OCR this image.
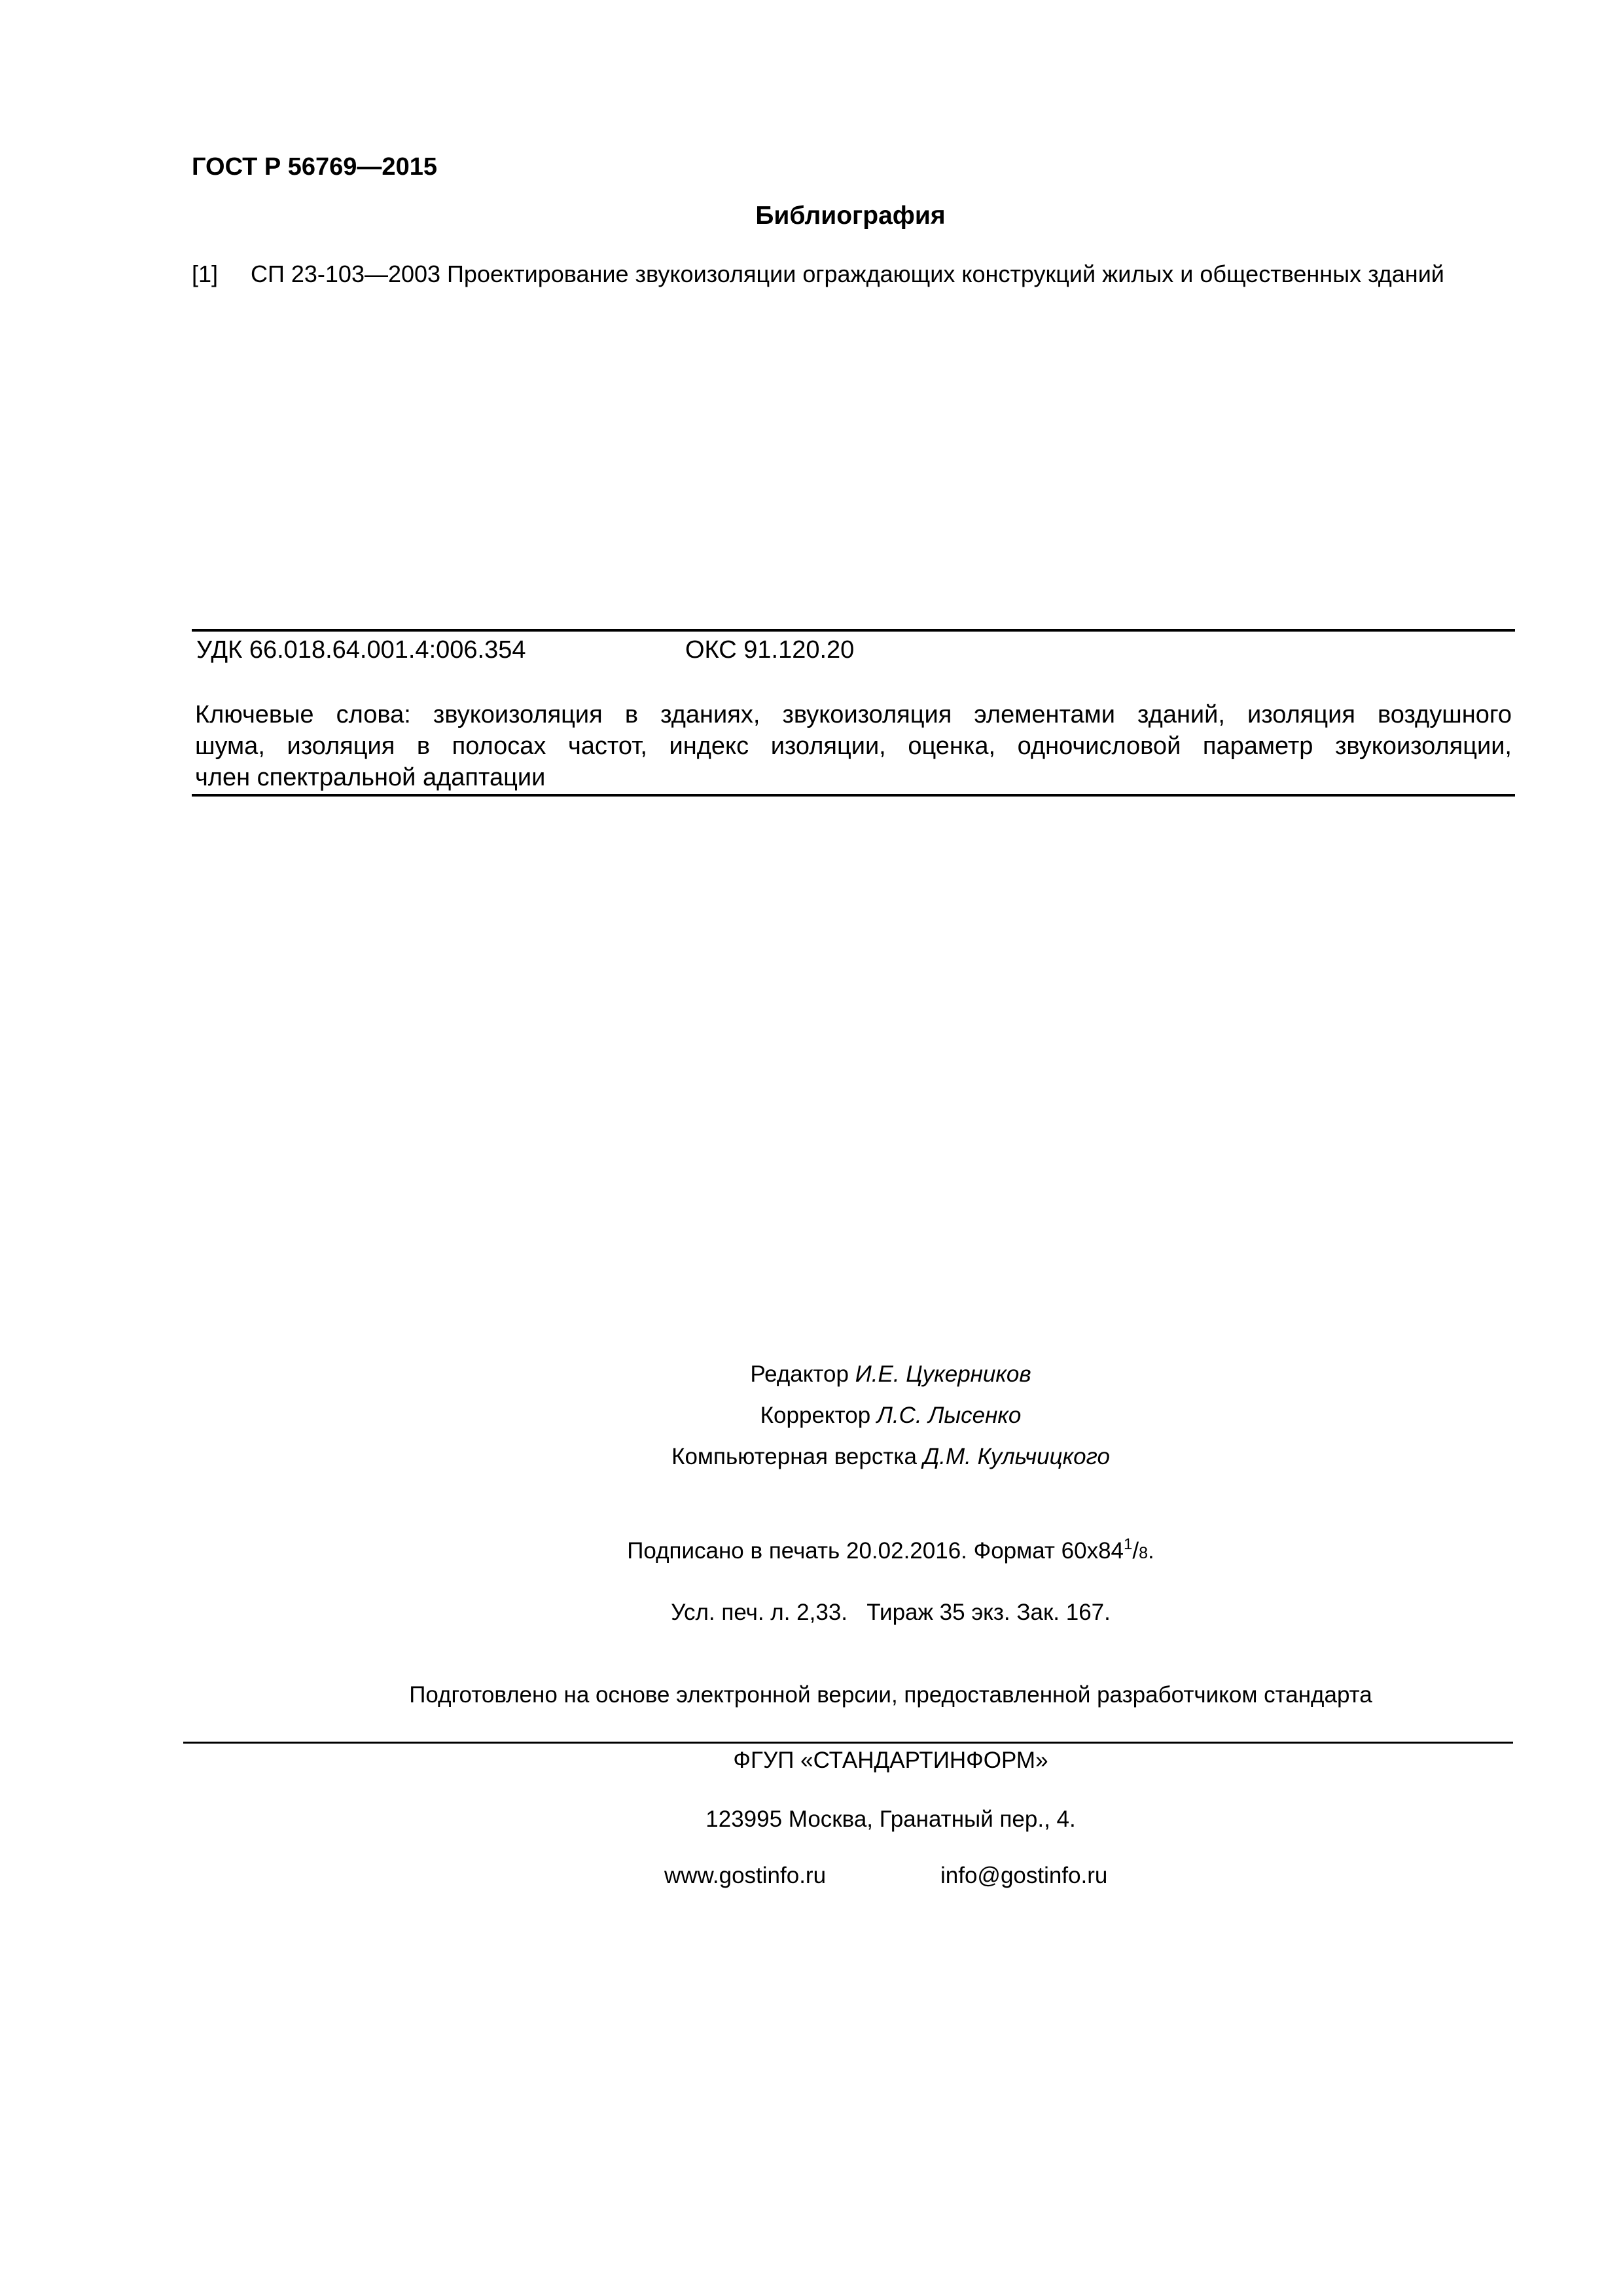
ГОСТ Р 56769—2015
Библиография
[1] СП 23-103—2003 Проектирование звукоизоляции ограждающих конструкций жилых и общественных зданий
УДК 66.018.64.001.4:006.354	ОКС 91.120.20
Ключевые слова: звукоизоляция в зданиях, звукоизоляция элементами зданий, изоляция воздушного
шума, изоляция в полосах частот, индекс изоляции, оценка, одночисловой параметр звукоизоляции,
член спектральной адаптации
Редактор И.Е. Цукерников
Корректор Л.С. Лысенко
Компьютерная верстка Д.М. Кульчицкого
Подписано в печать 20.02.2016. Формат $60х84^1/8$.
Усл. печ. л. 2,33.   Тираж 35 экз. Зак. 167.
Подготовлено на основе электронной версии, предоставленной разработчиком стандарта
ФГУП «СТАНДАРТИНФОРМ»
123995 Москва, Гранатный пер., 4.
www.gostinfo.ru	info@gostinfo.ru
